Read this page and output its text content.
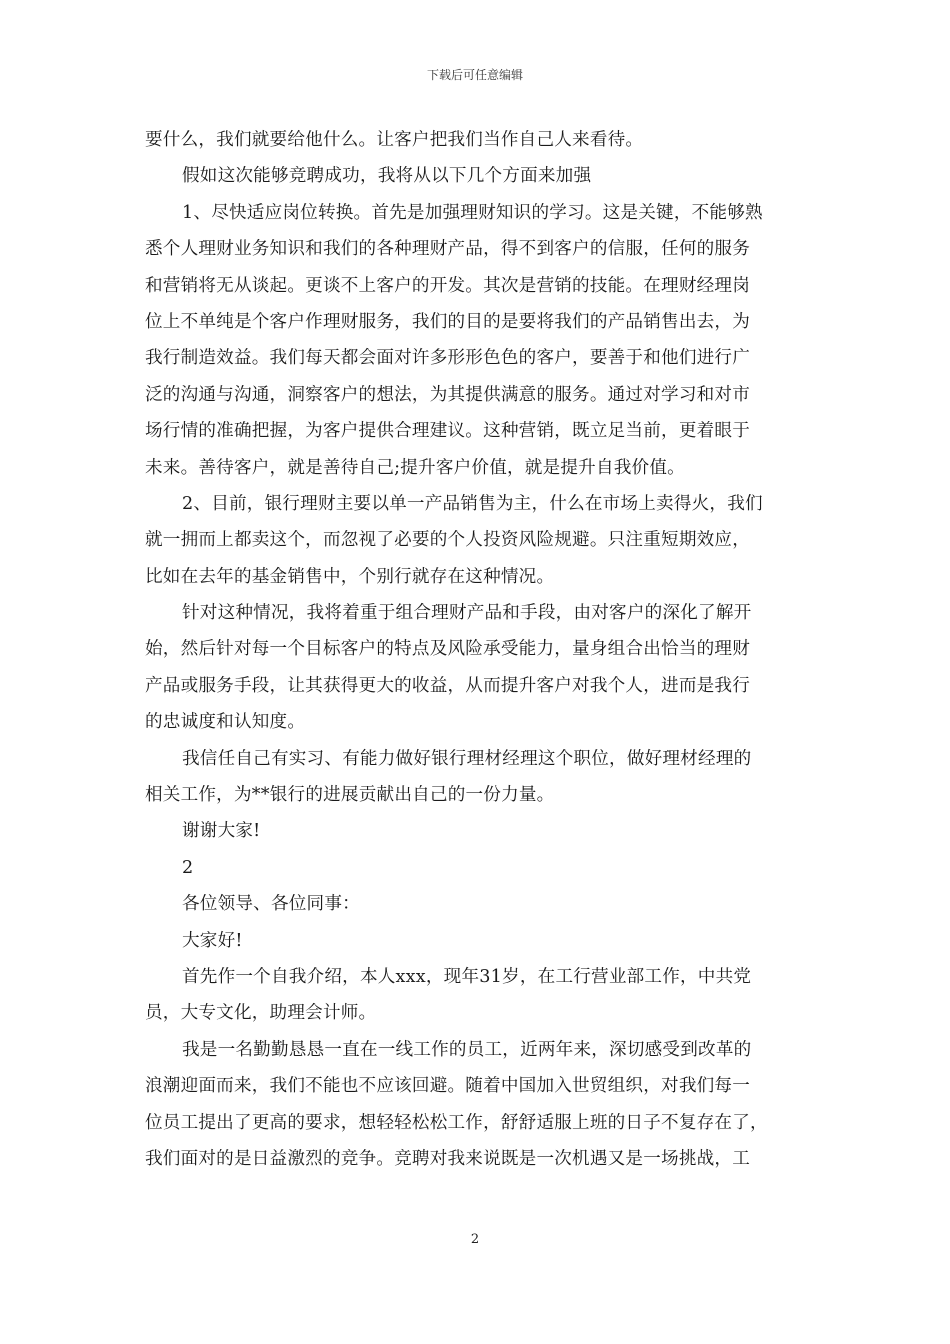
下载后可任意编辑
要什么，我们就要给他什么。让客户把我们当作自己人来看待。
假如这次能够竞聘成功，我将从以下几个方面来加强
1、尽快适应岗位转换。首先是加强理财知识的学习。这是关键，不能够熟
悉个人理财业务知识和我们的各种理财产品，得不到客户的信服，任何的服务
和营销将无从谈起。更谈不上客户的开发。其次是营销的技能。在理财经理岗
位上不单纯是个客户作理财服务，我们的目的是要将我们的产品销售出去，为
我行制造效益。我们每天都会面对许多形形色色的客户，要善于和他们进行广
泛的沟通与沟通，洞察客户的想法，为其提供满意的服务。通过对学习和对市
场行情的准确把握，为客户提供合理建议。这种营销，既立足当前，更着眼于
未来。善待客户，就是善待自己;提升客户价值，就是提升自我价值。
2、目前，银行理财主要以单一产品销售为主，什么在市场上卖得火，我们
就一拥而上都卖这个，而忽视了必要的个人投资风险规避。只注重短期效应，
比如在去年的基金销售中，个别行就存在这种情况。
针对这种情况，我将着重于组合理财产品和手段，由对客户的深化了解开
始，然后针对每一个目标客户的特点及风险承受能力，量身组合出恰当的理财
产品或服务手段，让其获得更大的收益，从而提升客户对我个人，进而是我行
的忠诚度和认知度。
我信任自己有实习、有能力做好银行理材经理这个职位，做好理材经理的
相关工作，为**银行的进展贡献出自己的一份力量。
谢谢大家!
2
各位领导、各位同事：
大家好!
首先作一个自我介绍，本人xxx，现年31岁，在工行营业部工作，中共党
员，大专文化，助理会计师。
我是一名勤勤恳恳一直在一线工作的员工，近两年来，深切感受到改革的
浪潮迎面而来，我们不能也不应该回避。随着中国加入世贸组织，对我们每一
位员工提出了更高的要求，想轻轻松松工作，舒舒适服上班的日子不复存在了，
我们面对的是日益激烈的竞争。竞聘对我来说既是一次机遇又是一场挑战，工
2
